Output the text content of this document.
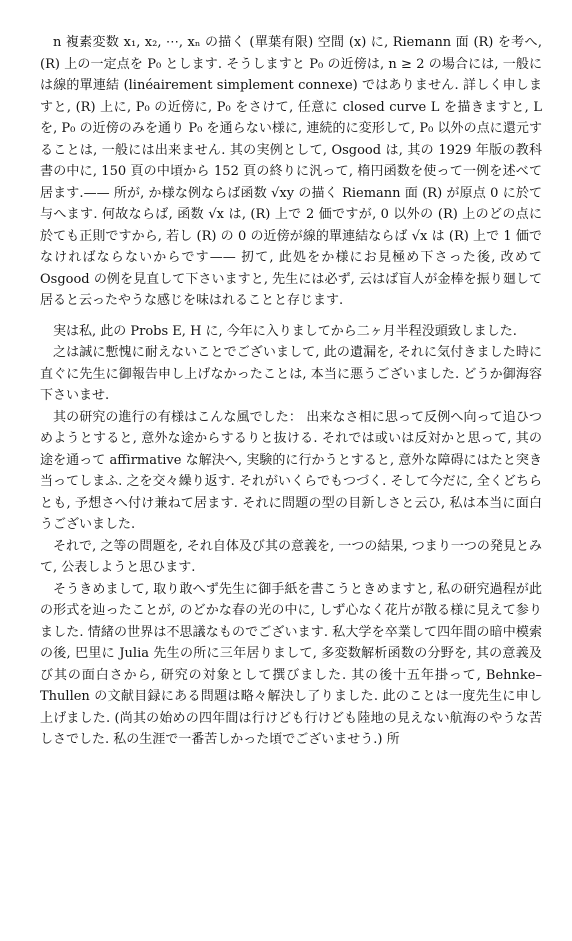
n 複素変数 x₁, x₂, ⋯, xₙ の描く (單葉有限) 空間 (x) に, Riemann 面 (R) を考へ, (R) 上の一定点を P₀ とします. そうしますと P₀ の近傍は, n ≥ 2 の場合には, 一般には線的單連結 (linéairement simplement connexe) ではありません. 詳しく申しますと, (R) 上に, P₀ の近傍に, P₀ をさけて, 任意に closed curve L を描きますと, L を, P₀ の近傍のみを通り P₀ を通らない様に, 連続的に変形して, P₀ 以外の点に還元することは, 一般には出来ません. 其の実例として, Osgood は, 其の 1929 年版の教科書の中に, 150 頁の中頃から 152 頁の終りに汎って, 楕円函数を使って一例を述べて居ます.—— 所が, か様な例ならば函数 √xy の描く Riemann 面 (R) が原点 0 に於て与へます. 何故ならば, 函数 √x は, (R) 上で 2 価ですが, 0 以外の (R) 上のどの点に於ても正則ですから, 若し (R) の 0 の近傍が線的單連結ならば √x は (R) 上で 1 価でなければならないからです—— 扨て, 此処をか様にお見極め下さった後, 改めて Osgood の例を見直して下さいますと, 先生には必ず, 云はば盲人が金棒を振り廻して居ると云ったやうな感じを味はれることと存じます.

実は私, 此の Probs E, H に, 今年に入りましてから二ヶ月半程没頭致しました.

之は誠に慙愧に耐えないことでございまして, 此の遺漏を, それに気付きました時に直ぐに先生に御報告申し上げなかったことは, 本当に悪うございました. どうか御海容下さいませ.

其の研究の進行の有様はこんな風でした： 出来なさ相に思って反例へ向って追ひつめようとすると, 意外な途からするりと抜ける. それでは或いは反対かと思って, 其の途を通って affirmative な解決へ, 実験的に行かうとすると, 意外な障碍にはたと突き当ってしまふ. 之を交々繰り返す. それがいくらでもつづく. そして今だに, 全くどちらとも, 予想さへ付け兼ねて居ます. それに問題の型の目新しさと云ひ, 私は本当に面白うございました.

それで, 之等の問題を, それ自体及び其の意義を, 一つの結果, つまり一つの発見とみて, 公表しようと思ひます.

そうきめまして, 取り敢へず先生に御手紙を書こうときめますと, 私の研究過程が此の形式を辿ったことが, のどかな春の光の中に, しず心なく花片が散る様に見えて参りました. 情緒の世界は不思議なものでございます. 私大学を卒業して四年間の暗中模索の後, 巴里に Julia 先生の所に三年居りまして, 多変数解析函数の分野を, 其の意義及び其の面白さから, 研究の対象として撰びました. 其の後十五年掛って, Behnke–Thullen の文献目録にある問題は略々解決し了りました. 此のことは一度先生に申し上げました. (尚其の始めの四年間は行けども行けども陸地の見えない航海のやうな苦しさでした. 私の生涯で一番苦しかった頃でございませう.) 所
